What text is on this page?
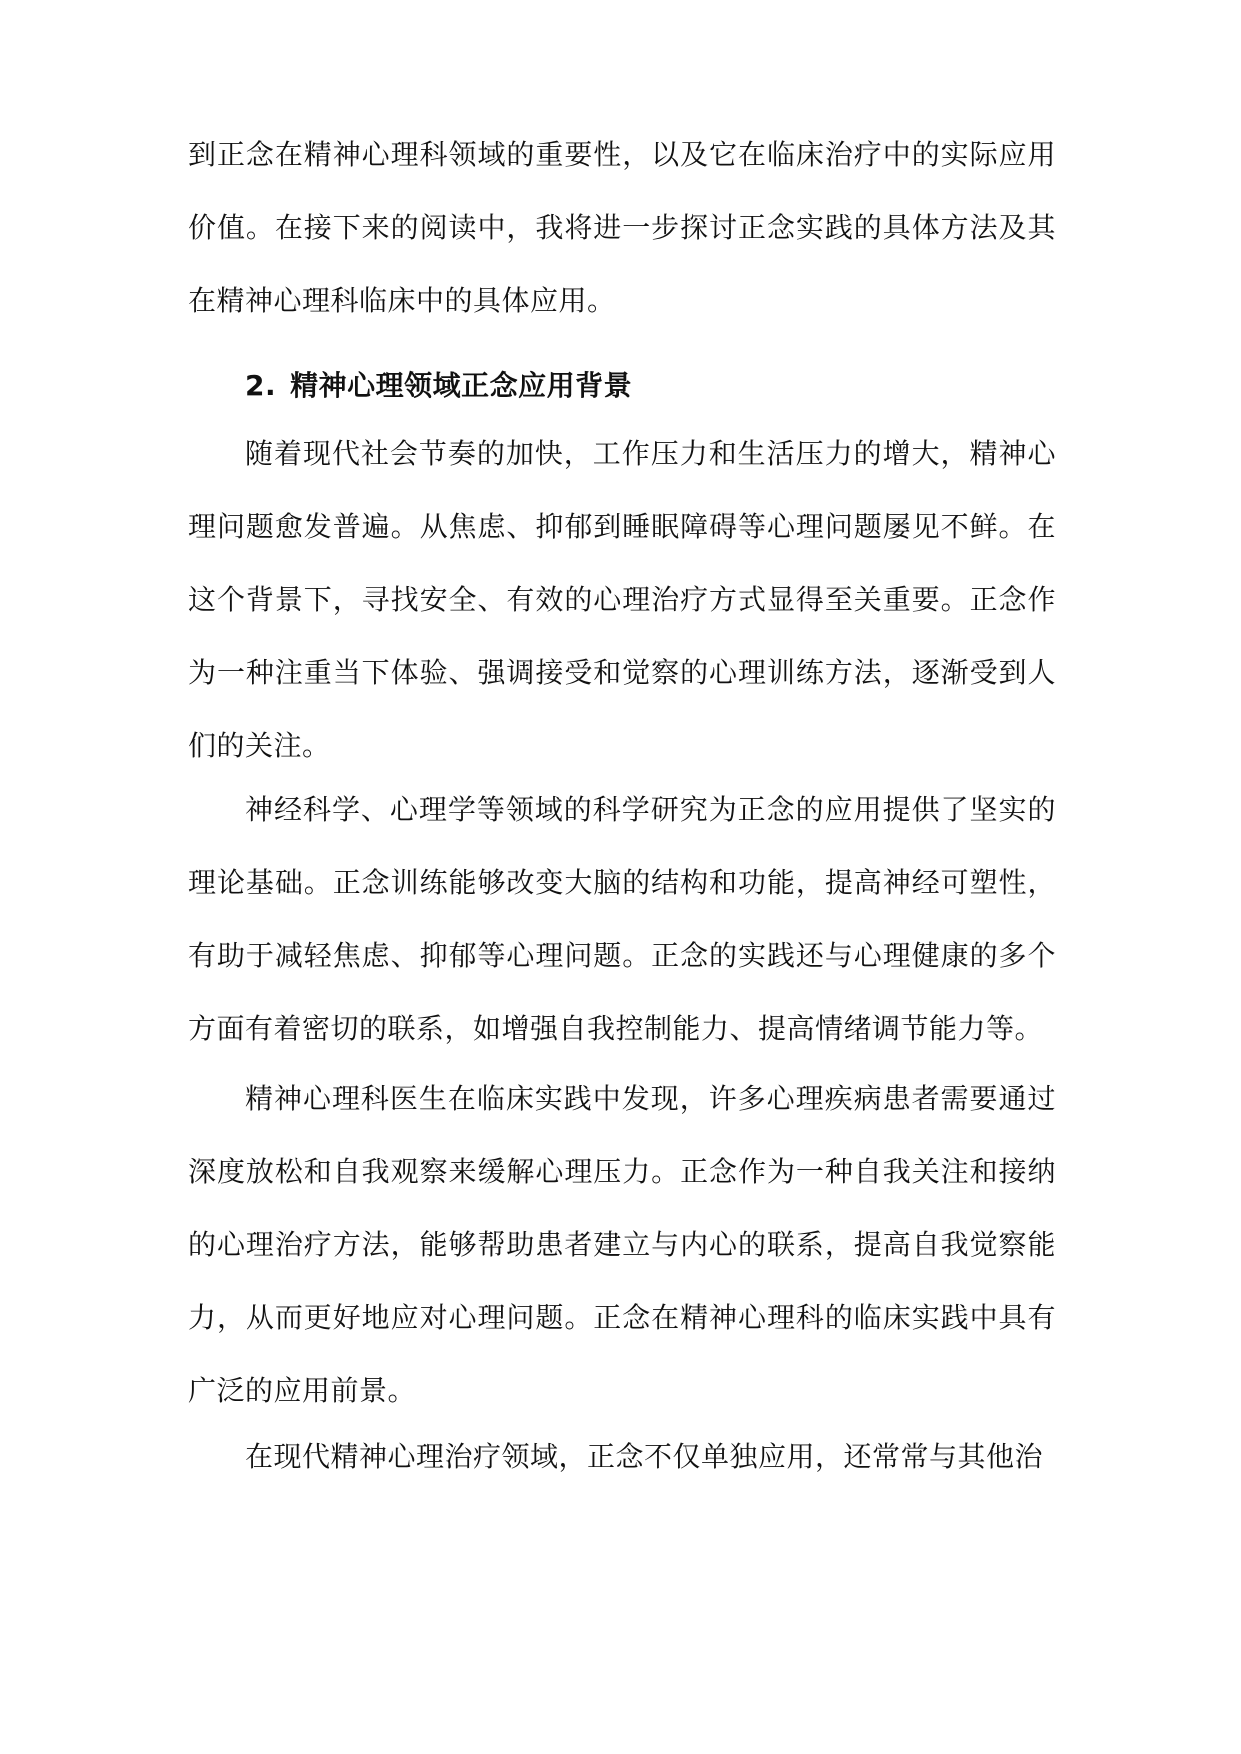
到正念在精神心理科领域的重要性，以及它在临床治疗中的实际应用价值。在接下来的阅读中，我将进一步探讨正念实践的具体方法及其在精神心理科临床中的具体应用。

2. 精神心理领域正念应用背景

随着现代社会节奏的加快，工作压力和生活压力的增大，精神心理问题愈发普遍。从焦虑、抑郁到睡眠障碍等心理问题屡见不鲜。在这个背景下，寻找安全、有效的心理治疗方式显得至关重要。正念作为一种注重当下体验、强调接受和觉察的心理训练方法，逐渐受到人们的关注。

神经科学、心理学等领域的科学研究为正念的应用提供了坚实的理论基础。正念训练能够改变大脑的结构和功能，提高神经可塑性，有助于减轻焦虑、抑郁等心理问题。正念的实践还与心理健康的多个方面有着密切的联系，如增强自我控制能力、提高情绪调节能力等。

精神心理科医生在临床实践中发现，许多心理疾病患者需要通过深度放松和自我观察来缓解心理压力。正念作为一种自我关注和接纳的心理治疗方法，能够帮助患者建立与内心的联系，提高自我觉察能力，从而更好地应对心理问题。正念在精神心理科的临床实践中具有广泛的应用前景。

在现代精神心理治疗领域，正念不仅单独应用，还常常与其他治
